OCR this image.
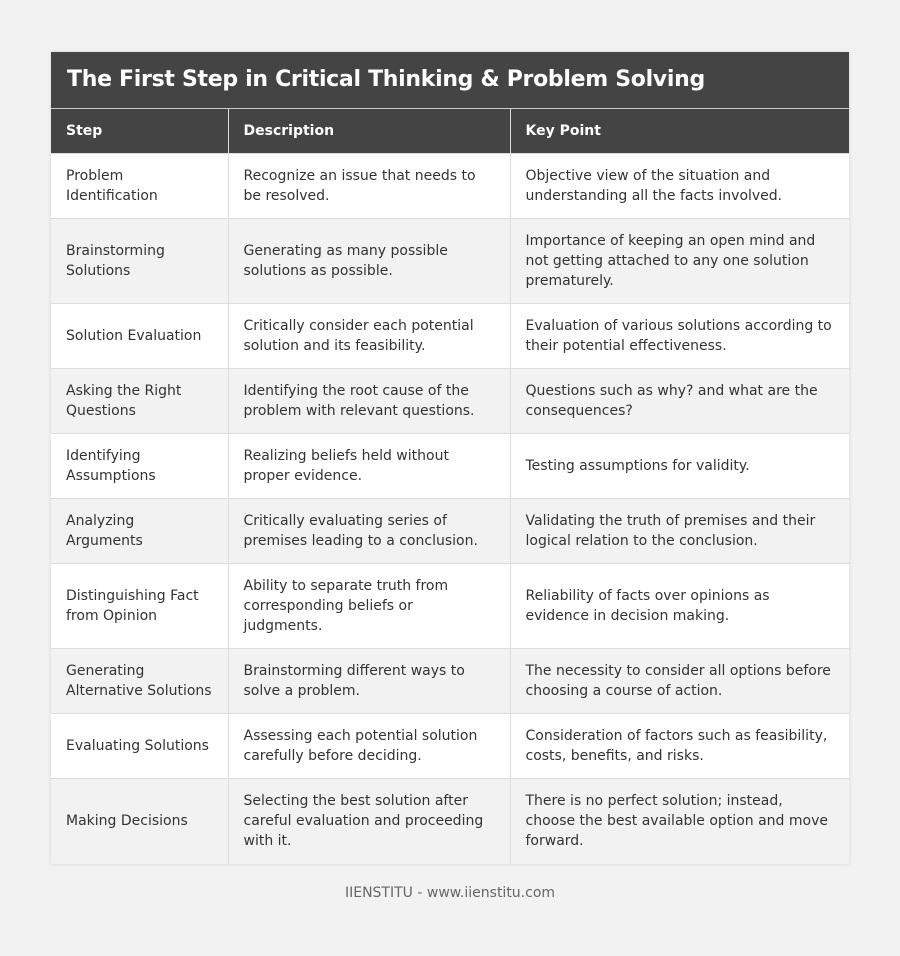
The First Step in Critical Thinking & Problem Solving
Step	Description	Key Point
Problem Identification	Recognize an issue that needs to be resolved.	Objective view of the situation and understanding all the facts involved.
Brainstorming Solutions	Generating as many possible solutions as possible.	Importance of keeping an open mind and not getting attached to any one solution prematurely.
Solution Evaluation	Critically consider each potential solution and its feasibility.	Evaluation of various solutions according to their potential effectiveness.
Asking the Right Questions	Identifying the root cause of the problem with relevant questions.	Questions such as why? and what are the consequences?
Identifying Assumptions	Realizing beliefs held without proper evidence.	Testing assumptions for validity.
Analyzing Arguments	Critically evaluating series of premises leading to a conclusion.	Validating the truth of premises and their logical relation to the conclusion.
Distinguishing Fact from Opinion	Ability to separate truth from corresponding beliefs or judgments.	Reliability of facts over opinions as evidence in decision making.
Generating Alternative Solutions	Brainstorming different ways to solve a problem.	The necessity to consider all options before choosing a course of action.
Evaluating Solutions	Assessing each potential solution carefully before deciding.	Consideration of factors such as feasibility, costs, benefits, and risks.
Making Decisions	Selecting the best solution after careful evaluation and proceeding with it.	There is no perfect solution; instead, choose the best available option and move forward.
IIENSTITU - www.iienstitu.com
